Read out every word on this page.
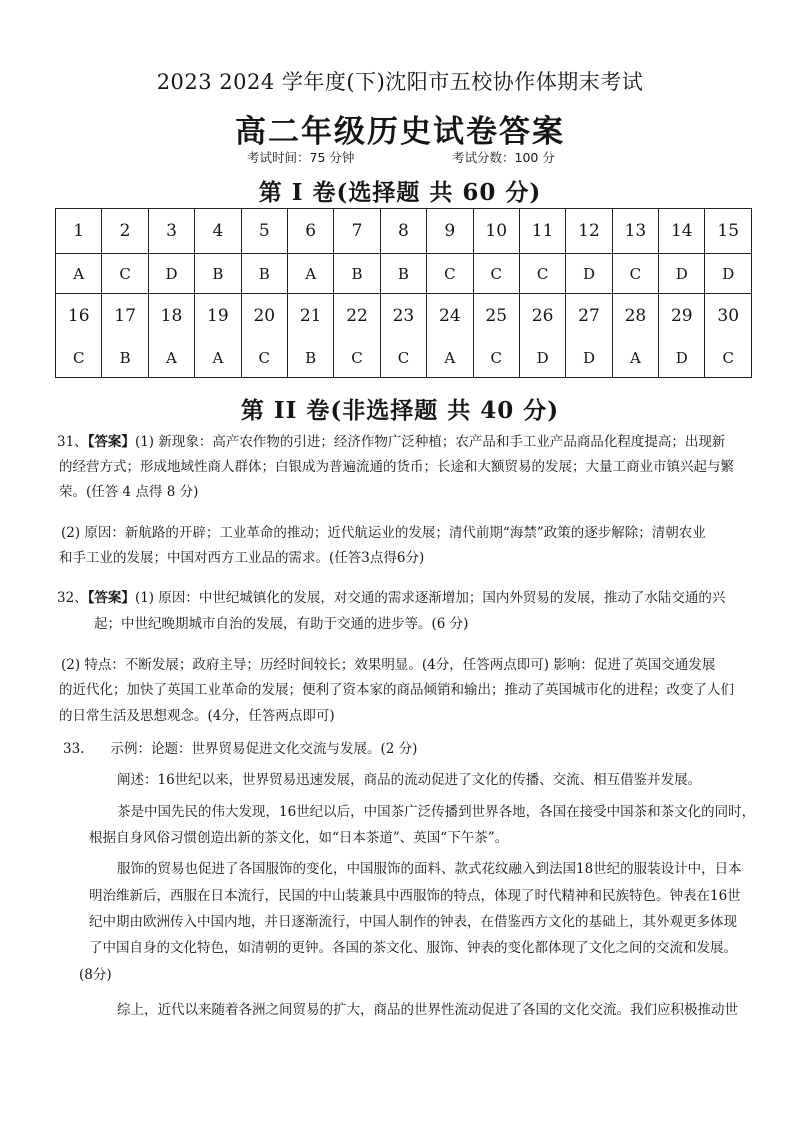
2023 2024 学年度(下)沈阳市五校协作体期末考试
高二年级历史试卷答案
考试时间：75 分钟	考试分数：100 分
第 I 卷(选择题 共 60 分)
1	2	3	4	5	6	7	8	9	10	11	12	13	14	15
A	C	D	B	B	A	B	B	C	C	C	D	C	D	D
16	17	18	19	20	21	22	23	24	25	26	27	28	29	30
C	B	A	A	C	B	C	C	A	C	D	D	A	D	C
第 II 卷(非选择题 共 40 分)
31、【答案】(1) 新现象：高产农作物的引进；经济作物广泛种植；农产品和手工业产品商品化程度提高；出现新
的经营方式；形成地域性商人群体；白银成为普遍流通的货币；长途和大额贸易的发展；大量工商业市镇兴起与繁
荣。(任答 4 点得 8 分)
(2) 原因：新航路的开辟；工业革命的推动；近代航运业的发展；清代前期“海禁”政策的逐步解除；清朝农业
和手工业的发展；中国对西方工业品的需求。(任答3点得6分)
32、【答案】(1) 原因：中世纪城镇化的发展，对交通的需求逐渐增加；国内外贸易的发展，推动了水陆交通的兴
起；中世纪晚期城市自治的发展，有助于交通的进步等。(6 分)
(2) 特点：不断发展；政府主导；历经时间较长；效果明显。(4分，任答两点即可) 影响：促进了英国交通发展
的近代化；加快了英国工业革命的发展；便利了资本家的商品倾销和输出；推动了英国城市化的进程；改变了人们
的日常生活及思想观念。(4分，任答两点即可)
33. 示例：论题：世界贸易促进文化交流与发展。(2 分)
阐述：16世纪以来，世界贸易迅速发展，商品的流动促进了文化的传播、交流、相互借鉴并发展。
茶是中国先民的伟大发现，16世纪以后，中国茶广泛传播到世界各地，各国在接受中国茶和茶文化的同时，
根据自身风俗习惯创造出新的茶文化，如“日本茶道”、英国“下午茶”。
服饰的贸易也促进了各国服饰的变化，中国服饰的面料、款式花纹融入到法国18世纪的服装设计中，日本
明治维新后，西服在日本流行，民国的中山装兼具中西服饰的特点，体现了时代精神和民族特色。钟表在16世
纪中期由欧洲传入中国内地，并日逐渐流行，中国人制作的钟表，在借鉴西方文化的基础上，其外观更多体现
了中国自身的文化特色，如清朝的更钟。各国的茶文化、服饰、钟表的变化都体现了文化之间的交流和发展。
(8分)
综上，近代以来随着各洲之间贸易的扩大，商品的世界性流动促进了各国的文化交流。我们应积极推动世
